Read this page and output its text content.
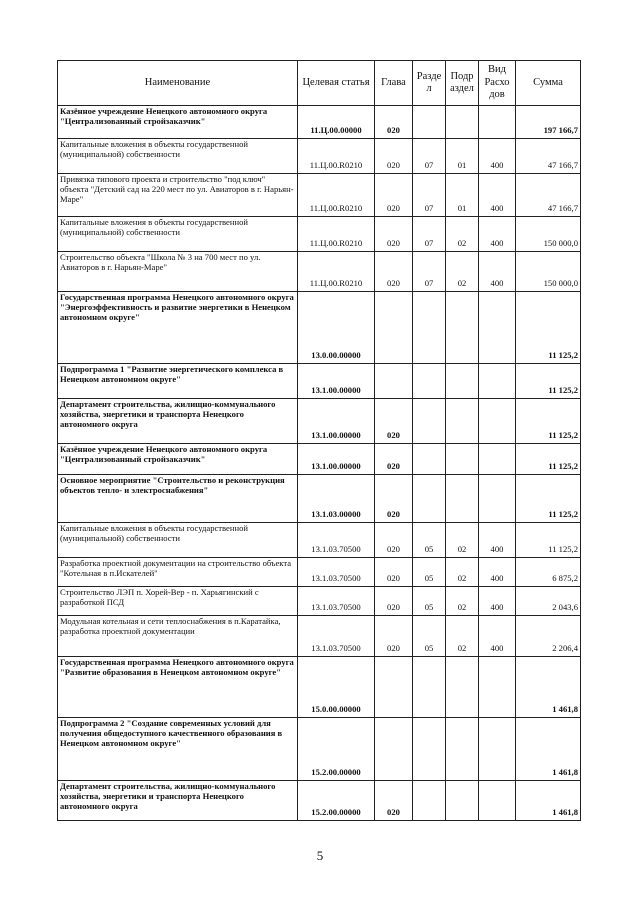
Наименование	Целевая статья	Глава	Разде л	Подр аздел	Вид Расхо дов	Сумма
Казённое учреждение Ненецкого автономного округа "Централизованный стройзаказчик"	11.Ц.00.00000	020				197 166,7
Капитальные вложения в объекты государственной (муниципальной) собственности	11.Ц.00.R0210	020	07	01	400	47 166,7
Привязка типового проекта и строительство "под ключ" объекта "Детский сад на 220 мест по ул. Авиаторов в г. Нарьян-Маре"	11.Ц.00.R0210	020	07	01	400	47 166,7
Капитальные вложения в объекты государственной (муниципальной) собственности	11.Ц.00.R0210	020	07	02	400	150 000,0
Строительство объекта "Школа № 3 на 700 мест по ул. Авиаторов в г. Нарьян-Маре"	11.Ц.00.R0210	020	07	02	400	150 000,0
Государственная программа Ненецкого автономного округа "Энергоэффективность и развитие энергетики в Ненецком автономном округе"	13.0.00.00000					11 125,2
Подпрограмма 1 "Развитие энергетического комплекса в Ненецком автономном округе"	13.1.00.00000					11 125,2
Департамент строительства, жилищно-коммунального хозяйства, энергетики и транспорта Ненецкого автономного округа	13.1.00.00000	020				11 125,2
Казённое учреждение Ненецкого автономного округа "Централизованный стройзаказчик"	13.1.00.00000	020				11 125,2
Основное мероприятие "Строительство и реконструкция объектов тепло- и электроснабжения"	13.1.03.00000	020				11 125,2
Капитальные вложения в объекты государственной (муниципальной) собственности	13.1.03.70500	020	05	02	400	11 125,2
Разработка проектной документации на строительство объекта "Котельная в п.Искателей"	13.1.03.70500	020	05	02	400	6 875,2
Строительство ЛЭП п. Хорей-Вер - п. Харьягинский с разработкой ПСД	13.1.03.70500	020	05	02	400	2 043,6
Модульная котельная и сети теплоснабжения в п.Каратайка, разработка проектной документации	13.1.03.70500	020	05	02	400	2 206,4
Государственная программа Ненецкого автономного округа "Развитие образования в Ненецком автономном округе"	15.0.00.00000					1 461,8
Подпрограмма 2 "Создание современных условий для получения общедоступного качественного образования в Ненецком автономном округе"	15.2.00.00000					1 461,8
Департамент строительства, жилищно-коммунального хозяйства, энергетики и транспорта Ненецкого автономного округа	15.2.00.00000	020				1 461,8
5
